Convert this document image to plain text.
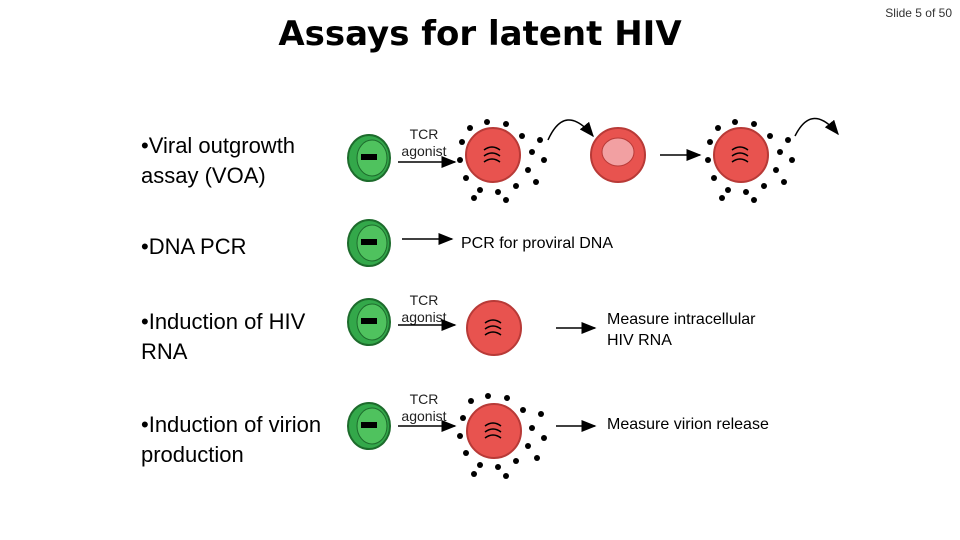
Assays for latent HIV
Slide 5 of 50
•Viral outgrowth
assay (VOA)
•DNA PCR
•Induction of HIV
RNA
•Induction of virion
production
TCR
agonist
TCR
agonist
TCR
agonist
PCR for proviral DNA
Measure intracellular
HIV RNA
Measure virion release
